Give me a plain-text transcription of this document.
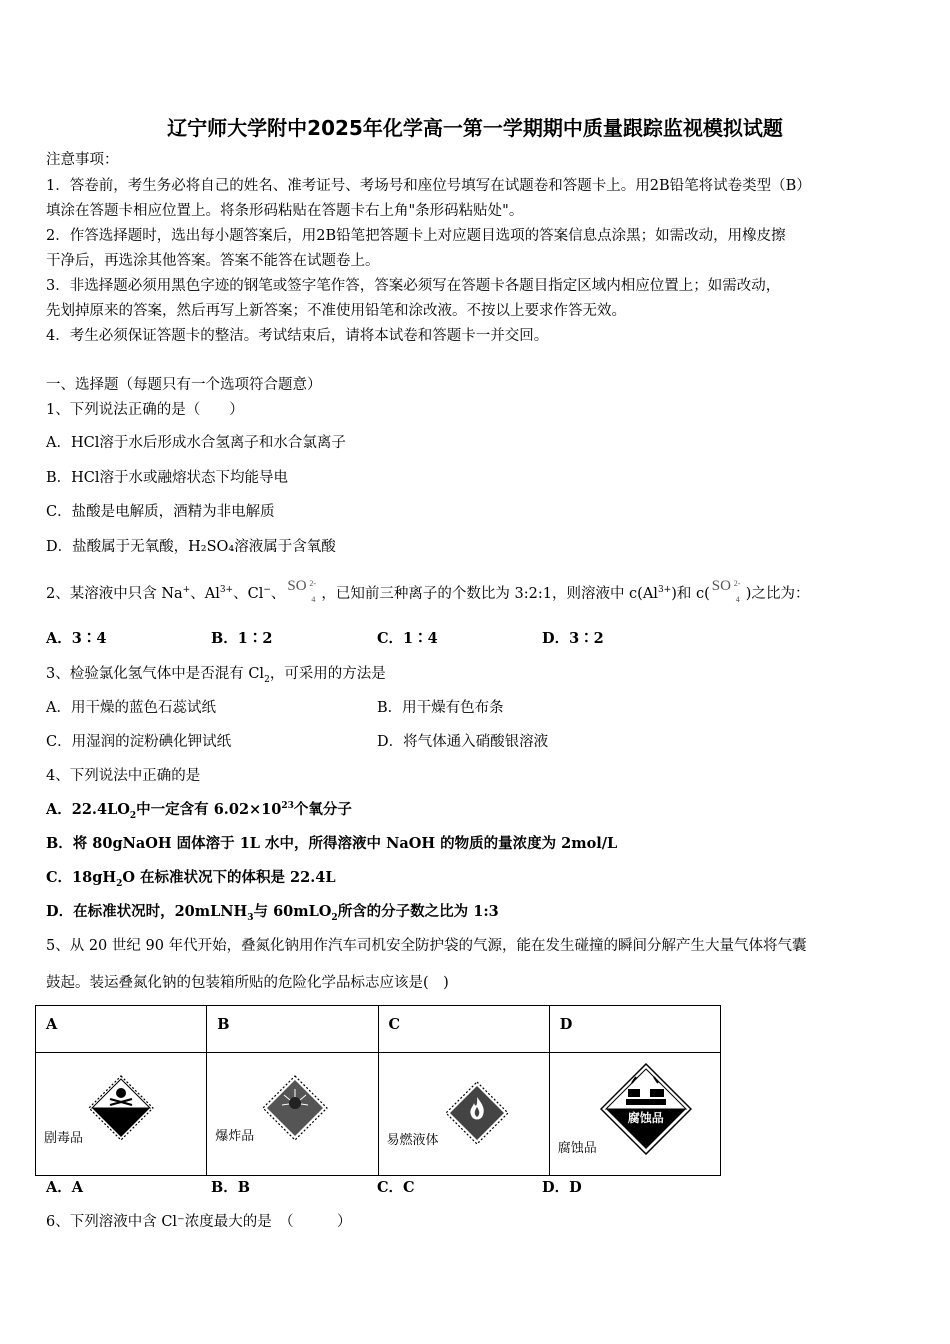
辽宁师大学附中2025年化学高一第一学期期中质量跟踪监视模拟试题
注意事项：
1．答卷前，考生务必将自己的姓名、准考证号、考场号和座位号填写在试题卷和答题卡上。用2B铅笔将试卷类型（B）
填涂在答题卡相应位置上。将条形码粘贴在答题卡右上角"条形码粘贴处"。
2．作答选择题时，选出每小题答案后，用2B铅笔把答题卡上对应题目选项的答案信息点涂黑；如需改动，用橡皮擦
干净后，再选涂其他答案。答案不能答在试题卷上。
3．非选择题必须用黑色字迹的钢笔或签字笔作答，答案必须写在答题卡各题目指定区域内相应位置上；如需改动，
先划掉原来的答案，然后再写上新答案；不准使用铅笔和涂改液。不按以上要求作答无效。
4．考生必须保证答题卡的整洁。考试结束后，请将本试卷和答题卡一并交回。
一、选择题（每题只有一个选项符合题意）
1、下列说法正确的是（　　）
A．HCl溶于水后形成水合氢离子和水合氯离子
B．HCl溶于水或融熔状态下均能导电
C．盐酸是电解质，酒精为非电解质
D．盐酸属于无氧酸，H₂SO₄溶液属于含氧酸
2、某溶液中只含 Na+、$Al^{3+}$、Cl−、 SO 2-
4 ，已知前三种离子的个数比为 3:2:1，则溶液中 $c(Al^{3+})$和 c( SO 2-
4 )之比为：
A．3∶4	B．1∶2	C．1∶4	D．3∶2
3、检验氯化氢气体中是否混有 $Cl_2$，可采用的方法是
A．用干燥的蓝色石蕊试纸	B．用干燥有色布条
C．用湿润的淀粉碘化钾试纸	D．将气体通入硝酸银溶液
4、下列说法中正确的是
A．$22.4LO_2$中一定含有 $6.02\times 10^{23}$个氧分子
B．将 80gNaOH 固体溶于 1L 水中，所得溶液中 NaOH 的物质的量浓度为 2mol/L
C．$18gH_2O$ 在标准状况下的体积是 22.4L
D．在标准状况时，20mLNH$_3$与 60mLO$_2$所含的分子数之比为 1:3
5、从 20 世纪 90 年代开始，叠氮化钠用作汽车司机安全防护袋的气源，能在发生碰撞的瞬间分解产生大量气体将气囊
鼓起。装运叠氮化钠的包装箱所贴的危险化学品标志应该是(　)
A	B	C	D

剧毒品	爆炸品	易燃液体	腐蚀品
腐蚀品
A．A	B．B	C．C	D．D
6、下列溶液中含 Cl⁻浓度最大的是　（　　　）
